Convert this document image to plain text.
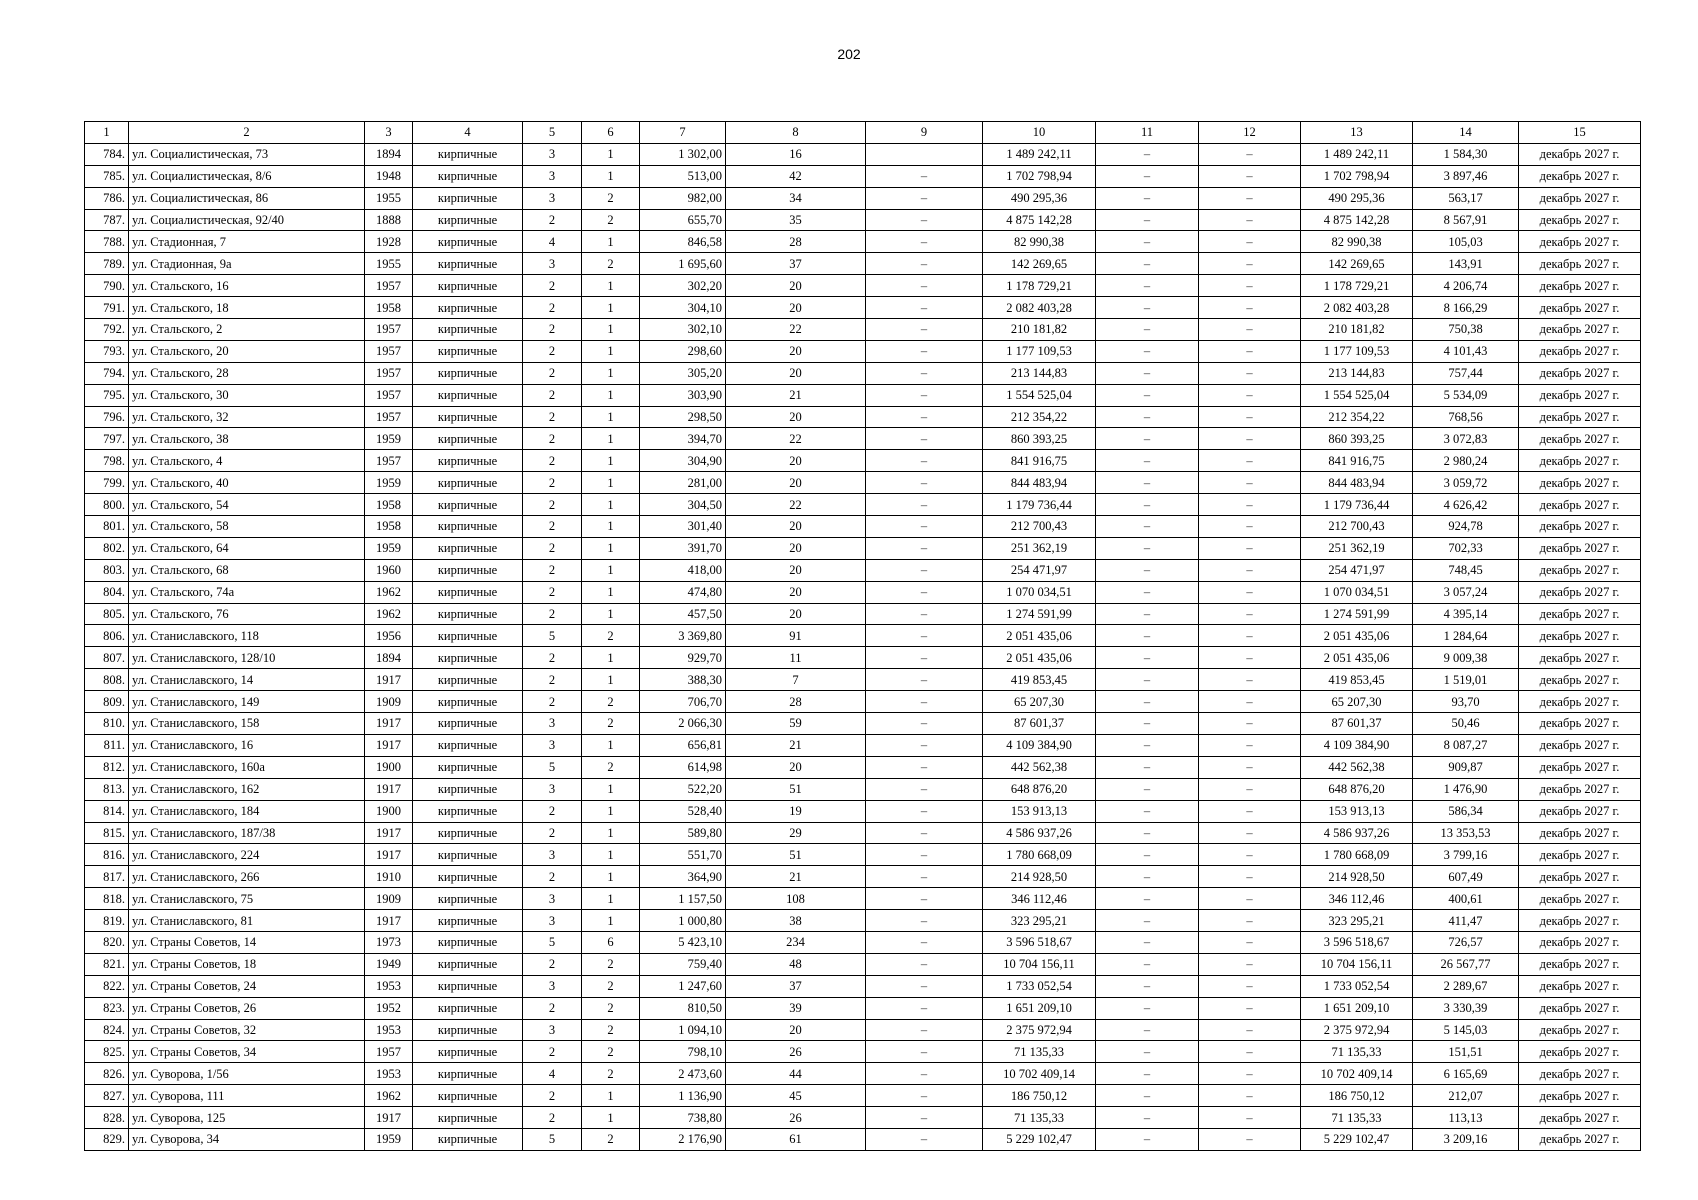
202
1	2	3	4	5	6	7	8	9	10	11	12	13	14	15
784.	ул. Социалистическая, 73	1894	кирпичные	3	1	1 302,00	16		1 489 242,11	–	–	1 489 242,11	1 584,30	декабрь 2027 г.
785.	ул. Социалистическая, 8/6	1948	кирпичные	3	1	513,00	42	–	1 702 798,94	–	–	1 702 798,94	3 897,46	декабрь 2027 г.
786.	ул. Социалистическая, 86	1955	кирпичные	3	2	982,00	34	–	490 295,36	–	–	490 295,36	563,17	декабрь 2027 г.
787.	ул. Социалистическая, 92/40	1888	кирпичные	2	2	655,70	35	–	4 875 142,28	–	–	4 875 142,28	8 567,91	декабрь 2027 г.
788.	ул. Стадионная, 7	1928	кирпичные	4	1	846,58	28	–	82 990,38	–	–	82 990,38	105,03	декабрь 2027 г.
789.	ул. Стадионная, 9а	1955	кирпичные	3	2	1 695,60	37	–	142 269,65	–	–	142 269,65	143,91	декабрь 2027 г.
790.	ул. Стальского, 16	1957	кирпичные	2	1	302,20	20	–	1 178 729,21	–	–	1 178 729,21	4 206,74	декабрь 2027 г.
791.	ул. Стальского, 18	1958	кирпичные	2	1	304,10	20	–	2 082 403,28	–	–	2 082 403,28	8 166,29	декабрь 2027 г.
792.	ул. Стальского, 2	1957	кирпичные	2	1	302,10	22	–	210 181,82	–	–	210 181,82	750,38	декабрь 2027 г.
793.	ул. Стальского, 20	1957	кирпичные	2	1	298,60	20	–	1 177 109,53	–	–	1 177 109,53	4 101,43	декабрь 2027 г.
794.	ул. Стальского, 28	1957	кирпичные	2	1	305,20	20	–	213 144,83	–	–	213 144,83	757,44	декабрь 2027 г.
795.	ул. Стальского, 30	1957	кирпичные	2	1	303,90	21	–	1 554 525,04	–	–	1 554 525,04	5 534,09	декабрь 2027 г.
796.	ул. Стальского, 32	1957	кирпичные	2	1	298,50	20	–	212 354,22	–	–	212 354,22	768,56	декабрь 2027 г.
797.	ул. Стальского, 38	1959	кирпичные	2	1	394,70	22	–	860 393,25	–	–	860 393,25	3 072,83	декабрь 2027 г.
798.	ул. Стальского, 4	1957	кирпичные	2	1	304,90	20	–	841 916,75	–	–	841 916,75	2 980,24	декабрь 2027 г.
799.	ул. Стальского, 40	1959	кирпичные	2	1	281,00	20	–	844 483,94	–	–	844 483,94	3 059,72	декабрь 2027 г.
800.	ул. Стальского, 54	1958	кирпичные	2	1	304,50	22	–	1 179 736,44	–	–	1 179 736,44	4 626,42	декабрь 2027 г.
801.	ул. Стальского, 58	1958	кирпичные	2	1	301,40	20	–	212 700,43	–	–	212 700,43	924,78	декабрь 2027 г.
802.	ул. Стальского, 64	1959	кирпичные	2	1	391,70	20	–	251 362,19	–	–	251 362,19	702,33	декабрь 2027 г.
803.	ул. Стальского, 68	1960	кирпичные	2	1	418,00	20	–	254 471,97	–	–	254 471,97	748,45	декабрь 2027 г.
804.	ул. Стальского, 74а	1962	кирпичные	2	1	474,80	20	–	1 070 034,51	–	–	1 070 034,51	3 057,24	декабрь 2027 г.
805.	ул. Стальского, 76	1962	кирпичные	2	1	457,50	20	–	1 274 591,99	–	–	1 274 591,99	4 395,14	декабрь 2027 г.
806.	ул. Станиславского, 118	1956	кирпичные	5	2	3 369,80	91	–	2 051 435,06	–	–	2 051 435,06	1 284,64	декабрь 2027 г.
807.	ул. Станиславского, 128/10	1894	кирпичные	2	1	929,70	11	–	2 051 435,06	–	–	2 051 435,06	9 009,38	декабрь 2027 г.
808.	ул. Станиславского, 14	1917	кирпичные	2	1	388,30	7	–	419 853,45	–	–	419 853,45	1 519,01	декабрь 2027 г.
809.	ул. Станиславского, 149	1909	кирпичные	2	2	706,70	28	–	65 207,30	–	–	65 207,30	93,70	декабрь 2027 г.
810.	ул. Станиславского, 158	1917	кирпичные	3	2	2 066,30	59	–	87 601,37	–	–	87 601,37	50,46	декабрь 2027 г.
811.	ул. Станиславского, 16	1917	кирпичные	3	1	656,81	21	–	4 109 384,90	–	–	4 109 384,90	8 087,27	декабрь 2027 г.
812.	ул. Станиславского, 160а	1900	кирпичные	5	2	614,98	20	–	442 562,38	–	–	442 562,38	909,87	декабрь 2027 г.
813.	ул. Станиславского, 162	1917	кирпичные	3	1	522,20	51	–	648 876,20	–	–	648 876,20	1 476,90	декабрь 2027 г.
814.	ул. Станиславского, 184	1900	кирпичные	2	1	528,40	19	–	153 913,13	–	–	153 913,13	586,34	декабрь 2027 г.
815.	ул. Станиславского, 187/38	1917	кирпичные	2	1	589,80	29	–	4 586 937,26	–	–	4 586 937,26	13 353,53	декабрь 2027 г.
816.	ул. Станиславского, 224	1917	кирпичные	3	1	551,70	51	–	1 780 668,09	–	–	1 780 668,09	3 799,16	декабрь 2027 г.
817.	ул. Станиславского, 266	1910	кирпичные	2	1	364,90	21	–	214 928,50	–	–	214 928,50	607,49	декабрь 2027 г.
818.	ул. Станиславского, 75	1909	кирпичные	3	1	1 157,50	108	–	346 112,46	–	–	346 112,46	400,61	декабрь 2027 г.
819.	ул. Станиславского, 81	1917	кирпичные	3	1	1 000,80	38	–	323 295,21	–	–	323 295,21	411,47	декабрь 2027 г.
820.	ул. Страны Советов, 14	1973	кирпичные	5	6	5 423,10	234	–	3 596 518,67	–	–	3 596 518,67	726,57	декабрь 2027 г.
821.	ул. Страны Советов, 18	1949	кирпичные	2	2	759,40	48	–	10 704 156,11	–	–	10 704 156,11	26 567,77	декабрь 2027 г.
822.	ул. Страны Советов, 24	1953	кирпичные	3	2	1 247,60	37	–	1 733 052,54	–	–	1 733 052,54	2 289,67	декабрь 2027 г.
823.	ул. Страны Советов, 26	1952	кирпичные	2	2	810,50	39	–	1 651 209,10	–	–	1 651 209,10	3 330,39	декабрь 2027 г.
824.	ул. Страны Советов, 32	1953	кирпичные	3	2	1 094,10	20	–	2 375 972,94	–	–	2 375 972,94	5 145,03	декабрь 2027 г.
825.	ул. Страны Советов, 34	1957	кирпичные	2	2	798,10	26	–	71 135,33	–	–	71 135,33	151,51	декабрь 2027 г.
826.	ул. Суворова, 1/56	1953	кирпичные	4	2	2 473,60	44	–	10 702 409,14	–	–	10 702 409,14	6 165,69	декабрь 2027 г.
827.	ул. Суворова, 111	1962	кирпичные	2	1	1 136,90	45	–	186 750,12	–	–	186 750,12	212,07	декабрь 2027 г.
828.	ул. Суворова, 125	1917	кирпичные	2	1	738,80	26	–	71 135,33	–	–	71 135,33	113,13	декабрь 2027 г.
829.	ул. Суворова, 34	1959	кирпичные	5	2	2 176,90	61	–	5 229 102,47	–	–	5 229 102,47	3 209,16	декабрь 2027 г.
